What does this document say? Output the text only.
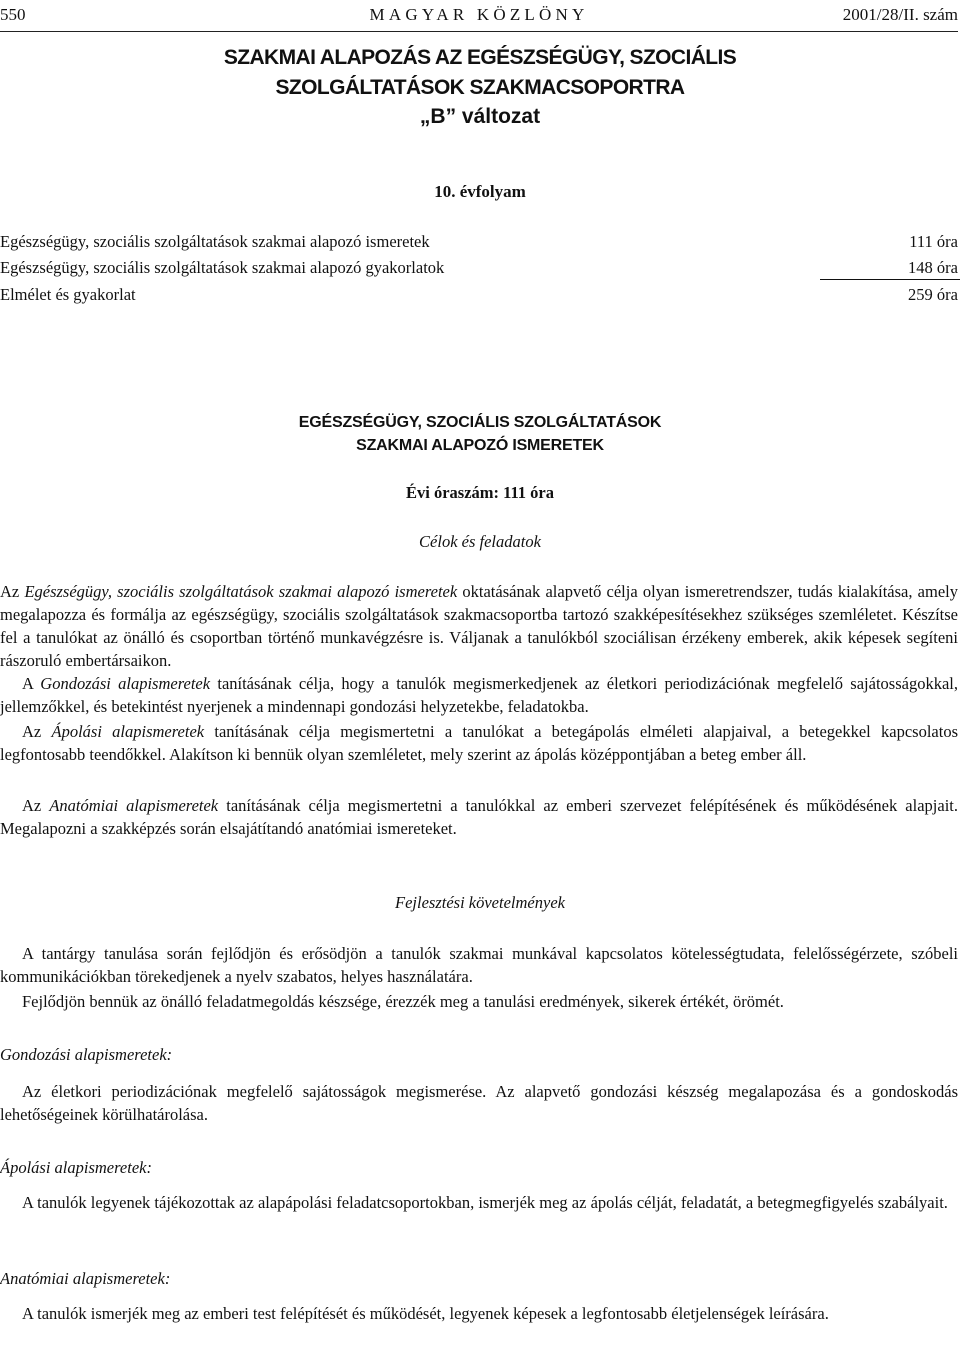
550	MAGYAR KÖZLÖNY	2001/28/II. szám
SZAKMAI ALAPOZÁS AZ EGÉSZSÉGÜGY, SZOCIÁLIS
SZOLGÁLTATÁSOK SZAKMACSOPORTRA
„B” változat
10. évfolyam
Egészségügy, szociális szolgáltatások szakmai alapozó ismeretek	111 óra
Egészségügy, szociális szolgáltatások szakmai alapozó gyakorlatok	148 óra
Elmélet és gyakorlat	259 óra
EGÉSZSÉGÜGY, SZOCIÁLIS SZOLGÁLTATÁSOK
SZAKMAI ALAPOZÓ ISMERETEK
Évi óraszám: 111 óra
Célok és feladatok
Az Egészségügy, szociális szolgáltatások szakmai alapozó ismeretek oktatásának alapvető célja olyan ismeretrendszer, tudás kialakítása, amely megalapozza és formálja az egészségügy, szociális szolgáltatások szakmacsoportba tartozó szakképesítésekhez szükséges szemléletet. Készítse fel a tanulókat az önálló és csoportban történő munkavégzésre is. Váljanak a tanulókból szociálisan érzékeny emberek, akik képesek segíteni rászoruló embertársaikon.
A Gondozási alapismeretek tanításának célja, hogy a tanulók megismerkedjenek az életkori periodizációnak megfelelő sajátosságokkal, jellemzőkkel, és betekintést nyerjenek a mindennapi gondozási helyzetekbe, feladatokba.
Az Ápolási alapismeretek tanításának célja megismertetni a tanulókat a betegápolás elméleti alapjaival, a betegekkel kapcsolatos legfontosabb teendőkkel. Alakítson ki bennük olyan szemléletet, mely szerint az ápolás középpontjában a beteg ember áll.
Az Anatómiai alapismeretek tanításának célja megismertetni a tanulókkal az emberi szervezet felépítésének és működésének alapjait. Megalapozni a szakképzés során elsajátítandó anatómiai ismereteket.
Fejlesztési követelmények
A tantárgy tanulása során fejlődjön és erősödjön a tanulók szakmai munkával kapcsolatos kötelességtudata, felelősségérzete, szóbeli kommunikációkban törekedjenek a nyelv szabatos, helyes használatára.
Fejlődjön bennük az önálló feladatmegoldás készsége, érezzék meg a tanulási eredmények, sikerek értékét, örömét.
Gondozási alapismeretek:
Az életkori periodizációnak megfelelő sajátosságok megismerése. Az alapvető gondozási készség megalapozása és a gondoskodás lehetőségeinek körülhatárolása.
Ápolási alapismeretek:
A tanulók legyenek tájékozottak az alapápolási feladatcsoportokban, ismerjék meg az ápolás célját, feladatát, a betegmegfigyelés szabályait.
Anatómiai alapismeretek:
A tanulók ismerjék meg az emberi test felépítését és működését, legyenek képesek a legfontosabb életjelenségek leírására.
